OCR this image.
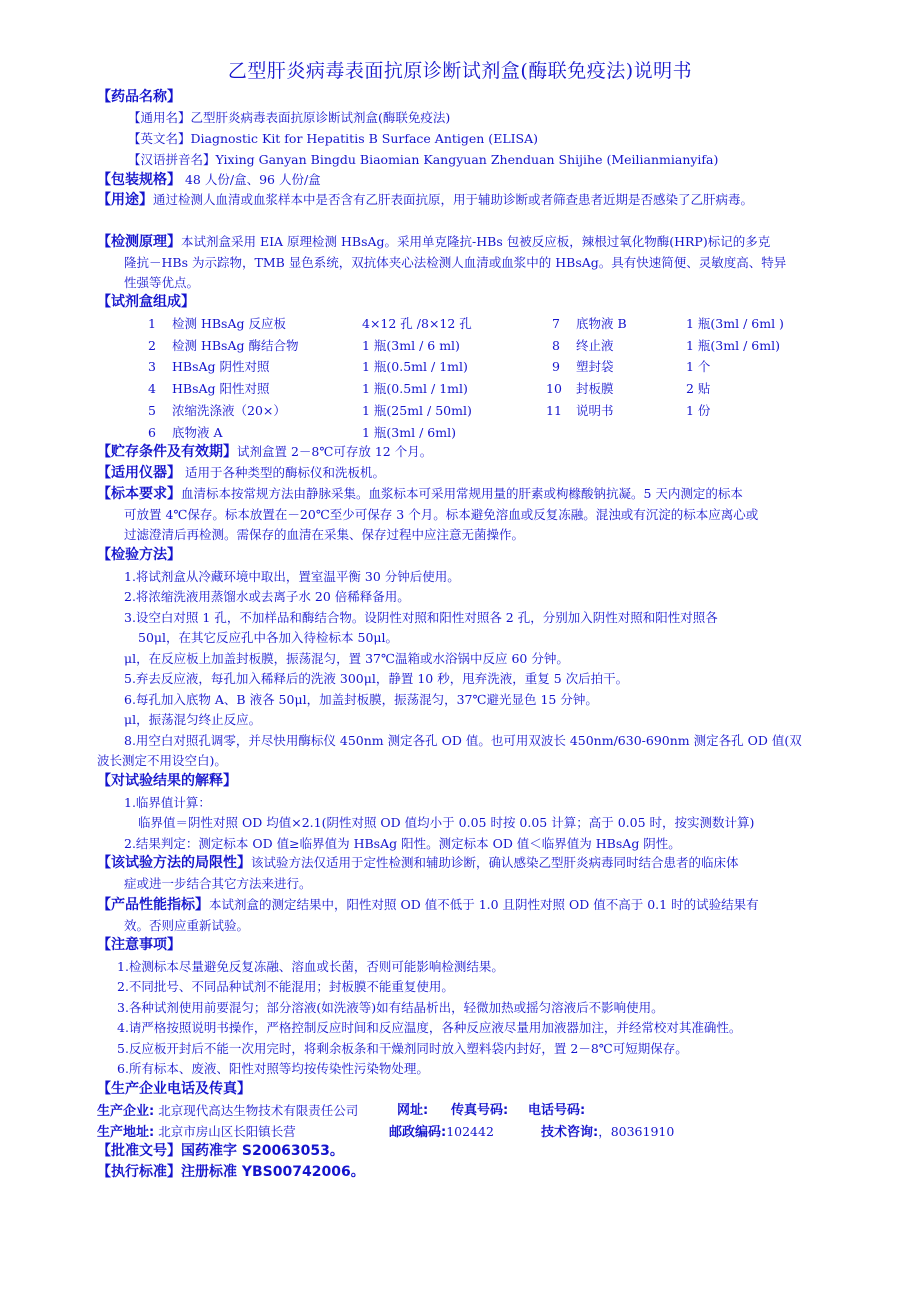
乙型肝炎病毒表面抗原诊断试剂盒(酶联免疫法)说明书
【药品名称】
【通用名】乙型肝炎病毒表面抗原诊断试剂盒(酶联免疫法)
【英文名】Diagnostic Kit for Hepatitis B Surface Antigen (ELISA)
【汉语拼音名】Yixing Ganyan Bingdu Biaomian Kangyuan Zhenduan Shijihe (Meilianmianyifa)
【包装规格】 48 人份/盒、96 人份/盒
【用途】通过检测人血清或血浆样本中是否含有乙肝表面抗原，用于辅助诊断或者筛查患者近期是否感染了乙肝病毒。
【检测原理】本试剂盒采用 EIA 原理检测 HBsAg。采用单克隆抗-HBs 包被反应板，辣根过氧化物酶(HRP)标记的多克
隆抗－HBs 为示踪物，TMB 显色系统，双抗体夹心法检测人血清或血浆中的 HBsAg。具有快速简便、灵敏度高、特异
性强等优点。
【试剂盒组成】
1 检测 HBsAg 反应板	4×12 孔 /8×12 孔
2 检测 HBsAg 酶结合物	1 瓶(3ml / 6 ml)
3 HBsAg 阴性对照	1 瓶(0.5ml / 1ml)
4 HBsAg 阳性对照	1 瓶(0.5ml / 1ml)
5 浓缩洗涤液（20×）	1 瓶(25ml / 50ml)
6 底物液 A	1 瓶(3ml / 6ml)
7 底物液 B	1 瓶(3ml / 6ml )
8 终止液	1 瓶(3ml / 6ml)
9 塑封袋	1 个
10 封板膜	2 贴
11 说明书	1 份
【贮存条件及有效期】试剂盒置 2－8℃可存放 12 个月。
【适用仪器】 适用于各种类型的酶标仪和洗板机。
【标本要求】血清标本按常规方法由静脉采集。血浆标本可采用常规用量的肝素或枸橼酸钠抗凝。5 天内测定的标本
可放置 4℃保存。标本放置在－20℃至少可保存 3 个月。标本避免溶血或反复冻融。混浊或有沉淀的标本应离心或
过滤澄清后再检测。需保存的血清在采集、保存过程中应注意无菌操作。
【检验方法】
1.将试剂盒从冷藏环境中取出，置室温平衡 30 分钟后使用。
2.将浓缩洗液用蒸馏水或去离子水 20 倍稀释备用。
3.设空白对照 1 孔，不加样品和酶结合物。设阴性对照和阳性对照各 2 孔，分别加入阴性对照和阳性对照各
50μl，在其它反应孔中各加入待检标本 50μl。
μl，在反应板上加盖封板膜，振荡混匀，置 37℃温箱或水浴锅中反应 60 分钟。
5.弃去反应液，每孔加入稀释后的洗液 300μl，静置 10 秒，甩弃洗液，重复 5 次后拍干。
6.每孔加入底物 A、B 液各 50μl，加盖封板膜，振荡混匀，37℃避光显色 15 分钟。
μl，振荡混匀终止反应。
8.用空白对照孔调零，并尽快用酶标仪 450nm 测定各孔 OD 值。也可用双波长 450nm/630-690nm 测定各孔 OD 值(双
波长测定不用设空白)。
【对试验结果的解释】
1.临界值计算：
临界值＝阴性对照 OD 均值×2.1(阴性对照 OD 值均小于 0.05 时按 0.05 计算；高于 0.05 时，按实测数计算)
2.结果判定：测定标本 OD 值≥临界值为 HBsAg 阳性。测定标本 OD 值＜临界值为 HBsAg 阴性。
【该试验方法的局限性】该试验方法仅适用于定性检测和辅助诊断，确认感染乙型肝炎病毒同时结合患者的临床体
症或进一步结合其它方法来进行。
【产品性能指标】本试剂盒的测定结果中，阳性对照 OD 值不低于 1.0 且阴性对照 OD 值不高于 0.1 时的试验结果有
效。否则应重新试验。
【注意事项】
1.检测标本尽量避免反复冻融、溶血或长菌，否则可能影响检测结果。
2.不同批号、不同品种试剂不能混用；封板膜不能重复使用。
3.各种试剂使用前要混匀；部分溶液(如洗液等)如有结晶析出，轻微加热或摇匀溶液后不影响使用。
4.请严格按照说明书操作，严格控制反应时间和反应温度，各种反应液尽量用加液器加注，并经常校对其准确性。
5.反应板开封后不能一次用完时，将剩余板条和干燥剂同时放入塑料袋内封好，置 2－8℃可短期保存。
6.所有标本、废液、阳性对照等均按传染性污染物处理。
【生产企业电话及传真】
生产企业: 北京现代高达生物技术有限责任公司	网址: 传真号码: 电话号码:
生产地址: 北京市房山区长阳镇长营	邮政编码:102442	技术咨询:，80361910
【批准文号】国药准字 S20063053。
【执行标准】注册标准 YBS00742006。
